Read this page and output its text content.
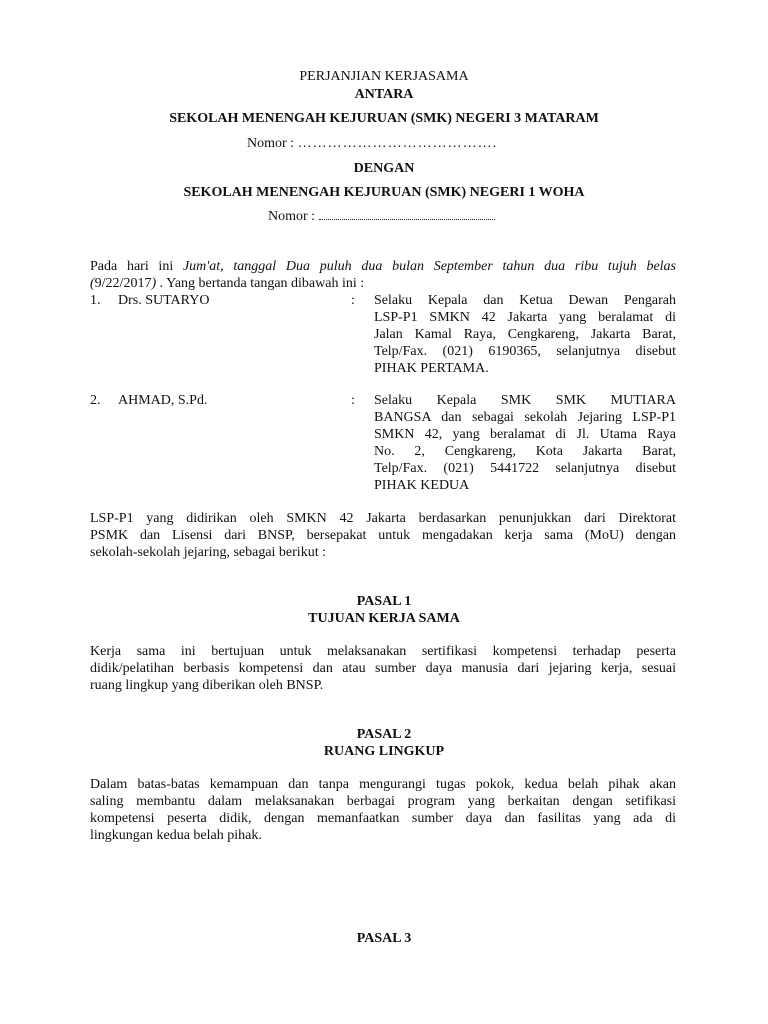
PERJANJIAN KERJASAMA
ANTARA
SEKOLAH MENENGAH KEJURUAN (SMK) NEGERI 3 MATARAM
Nomor : ………………………………….
DENGAN
SEKOLAH MENENGAH KEJURUAN (SMK) NEGERI 1 WOHA
Nomor :
Pada hari ini Jum'at, tanggal Dua puluh dua bulan September tahun dua ribu tujuh belas
(9/22/2017) . Yang bertanda tangan dibawah ini :
1. Drs. SUTARYO	: Selaku Kepala dan Ketua Dewan Pengarah
LSP-P1 SMKN 42 Jakarta yang beralamat di
Jalan Kamal Raya, Cengkareng, Jakarta Barat,
Telp/Fax. (021) 6190365, selanjutnya disebut
PIHAK PERTAMA.
2. AHMAD, S.Pd.	: Selaku Kepala SMK SMK MUTIARA
BANGSA dan sebagai sekolah Jejaring LSP-P1
SMKN 42, yang beralamat di Jl. Utama Raya
No. 2, Cengkareng, Kota Jakarta Barat,
Telp/Fax. (021) 5441722 selanjutnya disebut
PIHAK KEDUA
LSP-P1 yang didirikan oleh SMKN 42 Jakarta berdasarkan penunjukkan dari Direktorat
PSMK dan Lisensi dari BNSP, bersepakat untuk mengadakan kerja sama (MoU) dengan
sekolah-sekolah jejaring, sebagai berikut :
PASAL 1
TUJUAN KERJA SAMA
Kerja sama ini bertujuan untuk melaksanakan sertifikasi kompetensi terhadap peserta
didik/pelatihan berbasis kompetensi dan atau sumber daya manusia dari jejaring kerja, sesuai
ruang lingkup yang diberikan oleh BNSP.
PASAL 2
RUANG LINGKUP
Dalam batas-batas kemampuan dan tanpa mengurangi tugas pokok, kedua belah pihak akan
saling membantu dalam melaksanakan berbagai program yang berkaitan dengan setifikasi
kompetensi peserta didik, dengan memanfaatkan sumber daya dan fasilitas yang ada di
lingkungan kedua belah pihak.
PASAL 3
